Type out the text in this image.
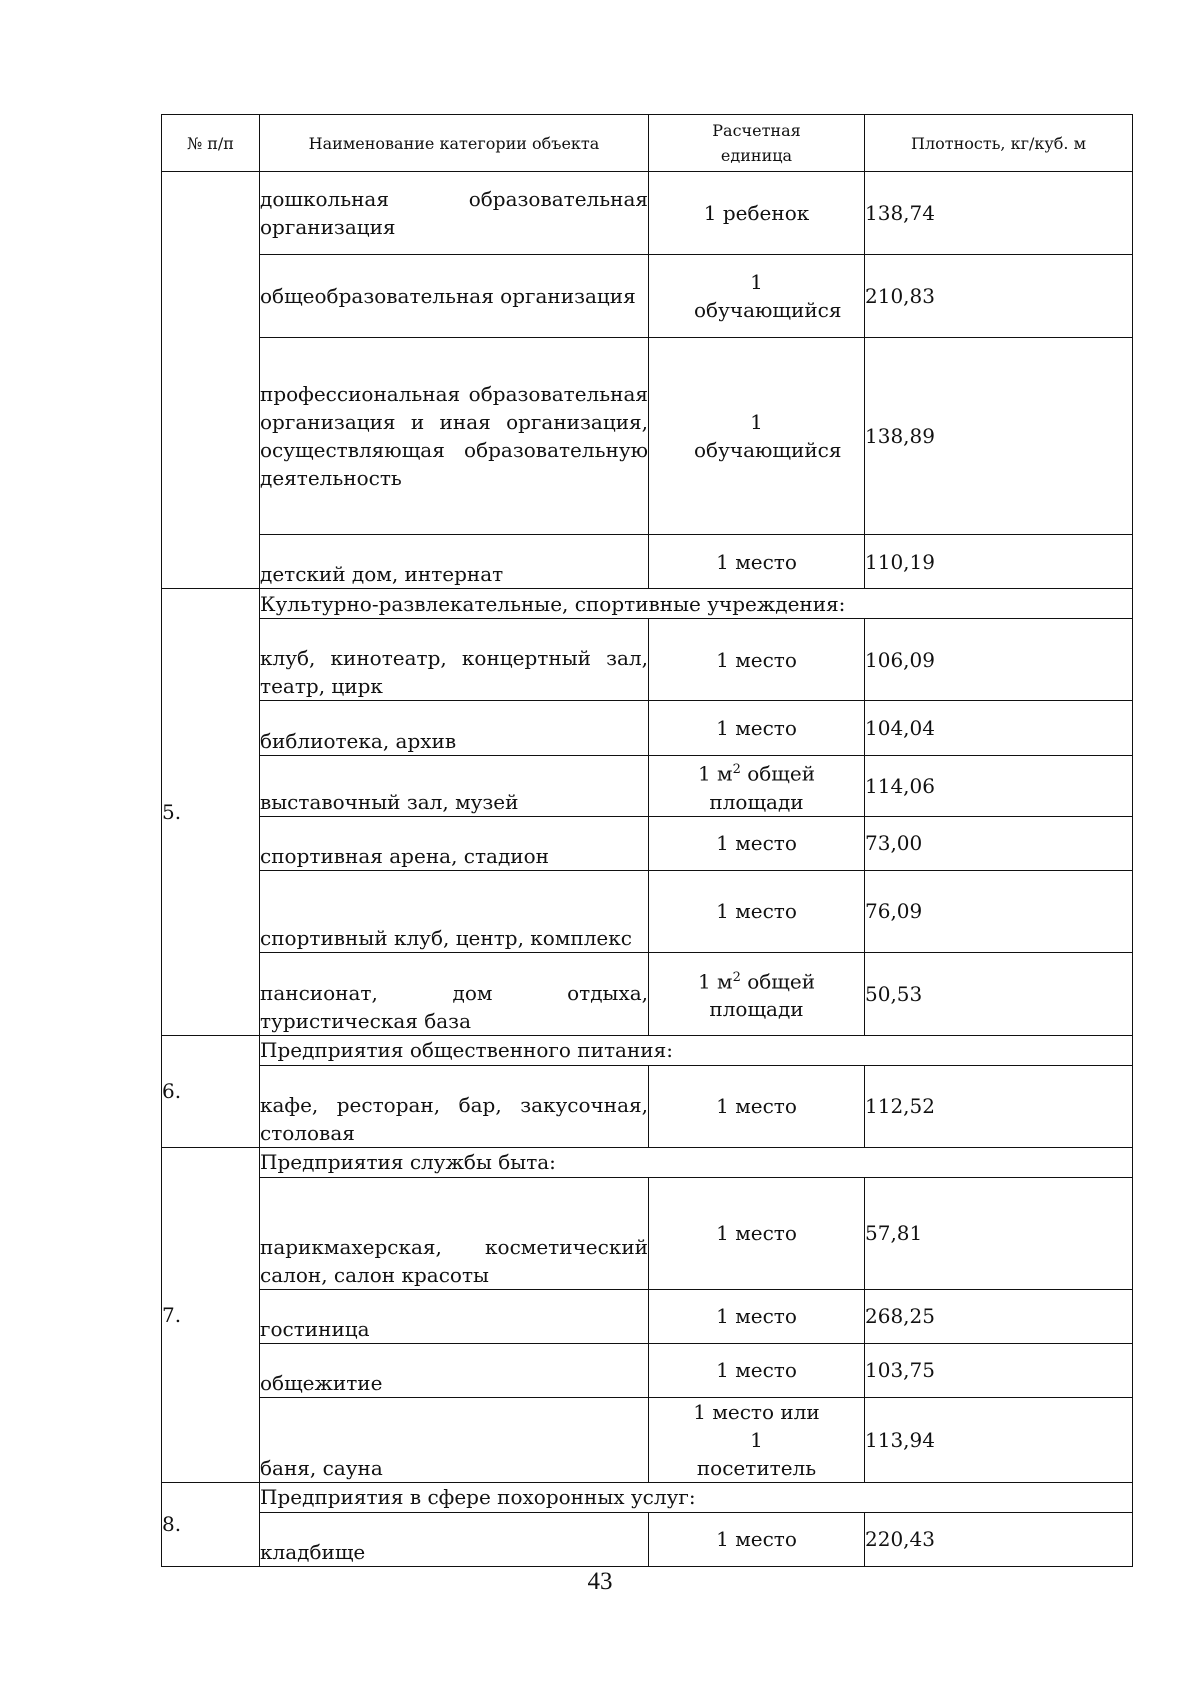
№ п/п	Наименование категории объекта	Расчетная единица	Плотность, кг/куб. м
	дошкольная образовательная организация	1 ребенок	138,74
	общеобразовательная организация	1 обучающийся	210,83
	профессиональная образовательная организация и иная организация, осуществляющая образовательную деятельность	1 обучающийся	138,89
	детский дом, интернат	1 место	110,19
5.	Культурно-развлекательные, спортивные учреждения:		
	клуб, кинотеатр, концертный зал, театр, цирк	1 место	106,09
	библиотека, архив	1 место	104,04
	выставочный зал, музей	1 $м^2$ общей площади	114,06
	спортивная арена, стадион	1 место	73,00
	спортивный клуб, центр, комплекс	1 место	76,09
	пансионат, дом отдыха, туристическая база	1 $м^2$ общей площади	50,53
6.	Предприятия общественного питания:		
	кафе, ресторан, бар, закусочная, столовая	1 место	112,52
7.	Предприятия службы быта:		
	парикмахерская, косметический салон, салон красоты	1 место	57,81
	гостиница	1 место	268,25
	общежитие	1 место	103,75
	баня, сауна	1 место или 1 посетитель	113,94
8.	Предприятия в сфере похоронных услуг:		
	кладбище	1 место	220,43
43
